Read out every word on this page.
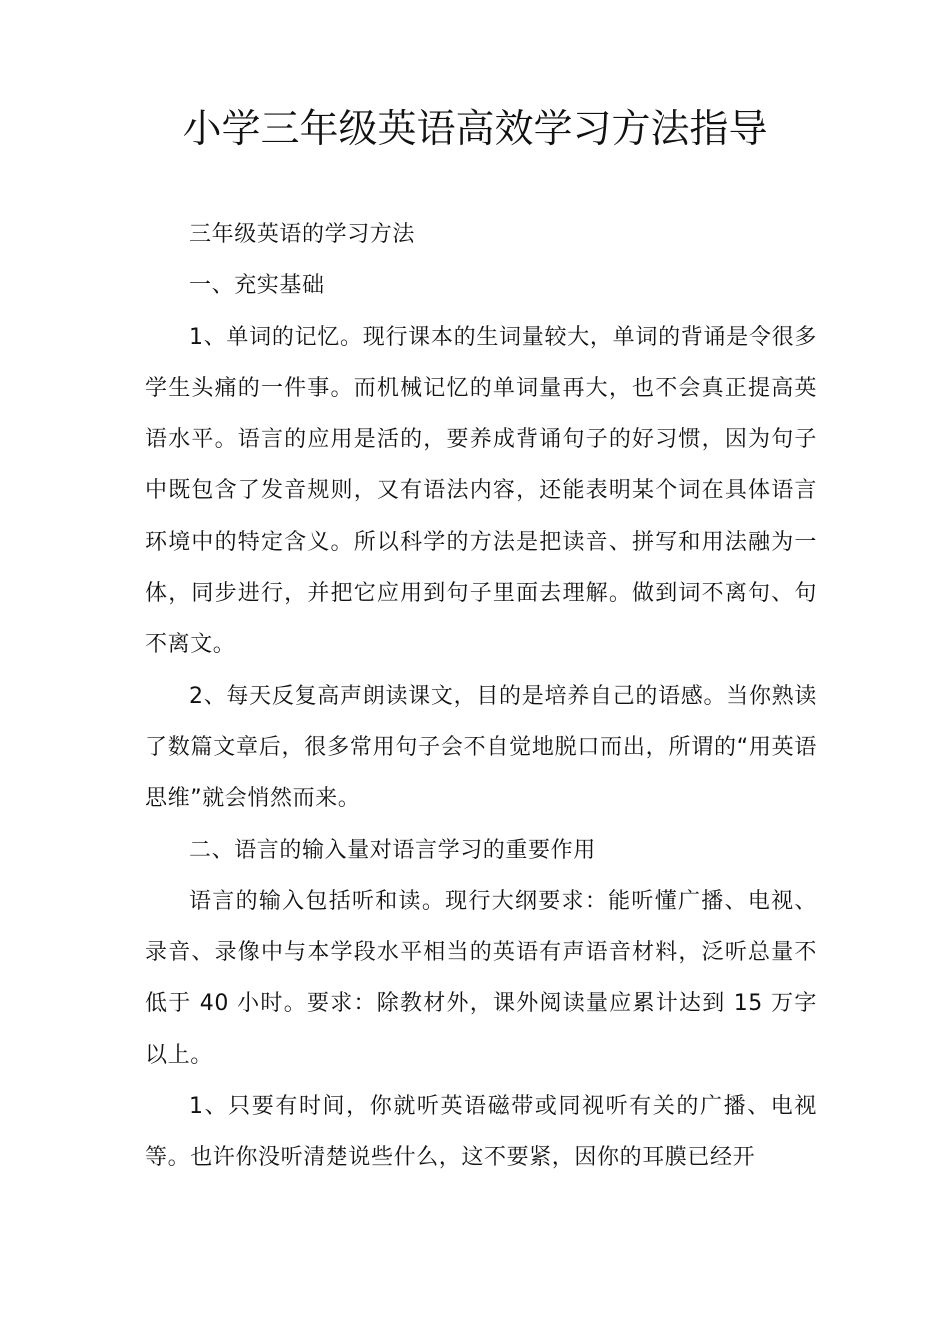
小学三年级英语高效学习方法指导

三年级英语的学习方法

一、充实基础

1、单词的记忆。现行课本的生词量较大，单词的背诵是令很多学生头痛的一件事。而机械记忆的单词量再大，也不会真正提高英语水平。语言的应用是活的，要养成背诵句子的好习惯，因为句子中既包含了发音规则，又有语法内容，还能表明某个词在具体语言环境中的特定含义。所以科学的方法是把读音、拼写和用法融为一体，同步进行，并把它应用到句子里面去理解。做到词不离句、句不离文。

2、每天反复高声朗读课文，目的是培养自己的语感。当你熟读了数篇文章后，很多常用句子会不自觉地脱口而出，所谓的“用英语思维”就会悄然而来。

二、语言的输入量对语言学习的重要作用

语言的输入包括听和读。现行大纲要求：能听懂广播、电视、录音、录像中与本学段水平相当的英语有声语音材料，泛听总量不低于 40 小时。要求：除教材外，课外阅读量应累计达到 15 万字以上。

1、只要有时间，你就听英语磁带或同视听有关的广播、电视等。也许你没听清楚说些什么，这不要紧，因你的耳膜已经开
